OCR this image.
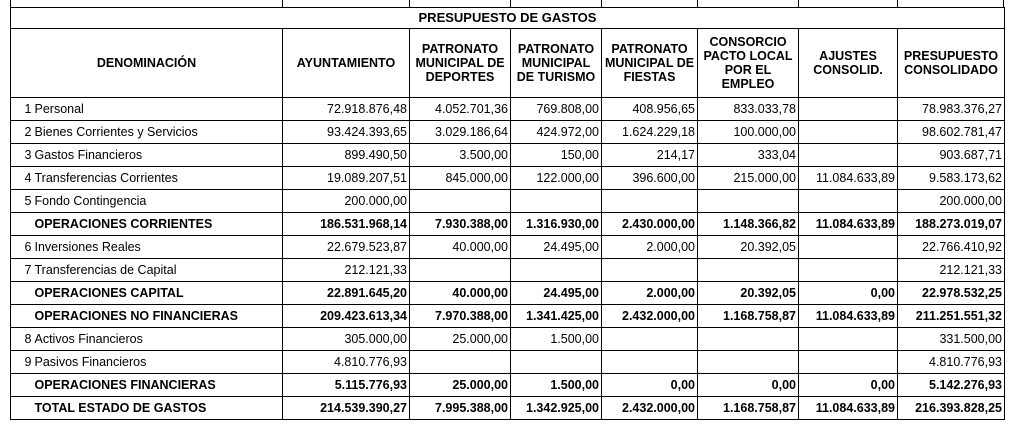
PRESUPUESTO DE GASTOS								
DENOMINACIÓN		AYUNTAMIENTO	PATRONATO MUNICIPAL DE DEPORTES	PATRONATO MUNICIPAL DE TURISMO	PATRONATO MUNICIPAL DE FIESTAS	CONSORCIO PACTO LOCAL POR EL EMPLEO	AJUSTES CONSOLID.	PRESUPUESTO CONSOLIDADO
1	Personal	72.918.876,48	4.052.701,36	769.808,00	408.956,65	833.033,78		78.983.376,27
2	Bienes Corrientes y Servicios	93.424.393,65	3.029.186,64	424.972,00	1.624.229,18	100.000,00		98.602.781,47
3	Gastos Financieros	899.490,50	3.500,00	150,00	214,17	333,04		903.687,71
4	Transferencias Corrientes	19.089.207,51	845.000,00	122.000,00	396.600,00	215.000,00	11.084.633,89	9.583.173,62
5	Fondo Contingencia	200.000,00						200.000,00
	OPERACIONES CORRIENTES	186.531.968,14	7.930.388,00	1.316.930,00	2.430.000,00	1.148.366,82	11.084.633,89	188.273.019,07
6	Inversiones Reales	22.679.523,87	40.000,00	24.495,00	2.000,00	20.392,05		22.766.410,92
7	Transferencias de Capital	212.121,33						212.121,33
	OPERACIONES CAPITAL	22.891.645,20	40.000,00	24.495,00	2.000,00	20.392,05	0,00	22.978.532,25
	OPERACIONES NO FINANCIERAS	209.423.613,34	7.970.388,00	1.341.425,00	2.432.000,00	1.168.758,87	11.084.633,89	211.251.551,32
8	Activos Financieros	305.000,00	25.000,00	1.500,00				331.500,00
9	Pasivos Financieros	4.810.776,93						4.810.776,93
	OPERACIONES FINANCIERAS	5.115.776,93	25.000,00	1.500,00	0,00	0,00	0,00	5.142.276,93
	TOTAL ESTADO DE GASTOS	214.539.390,27	7.995.388,00	1.342.925,00	2.432.000,00	1.168.758,87	11.084.633,89	216.393.828,25
